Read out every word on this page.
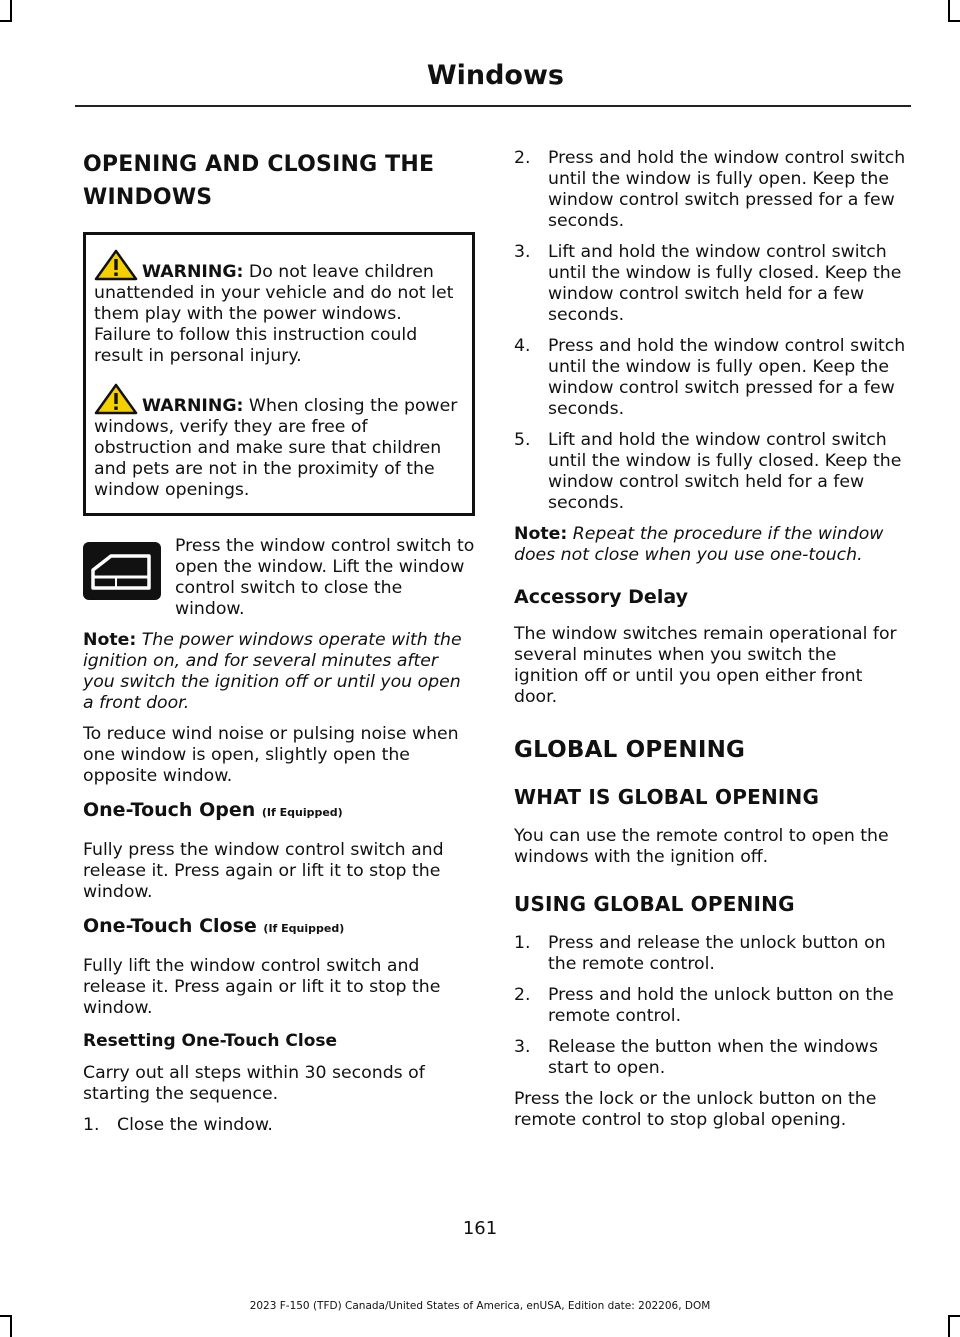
Windows
OPENING AND CLOSING THE WINDOWS
WARNING: Do not leave children unattended in your vehicle and do not let them play with the power windows. Failure to follow this instruction could result in personal injury.
WARNING: When closing the power windows, verify they are free of obstruction and make sure that children and pets are not in the proximity of the window openings.
Press the window control switch to open the window. Lift the window control switch to close the window.

Note: The power windows operate with the ignition on, and for several minutes after you switch the ignition off or until you open a front door.

To reduce wind noise or pulsing noise when one window is open, slightly open the opposite window.

One-Touch Open (If Equipped)

Fully press the window control switch and release it. Press again or lift it to stop the window.

One-Touch Close (If Equipped)

Fully lift the window control switch and release it. Press again or lift it to stop the window.

Resetting One-Touch Close

Carry out all steps within 30 seconds of starting the sequence.

1. Close the window.
2. Press and hold the window control switch until the window is fully open. Keep the window control switch pressed for a few seconds.
3. Lift and hold the window control switch until the window is fully closed. Keep the window control switch held for a few seconds.
4. Press and hold the window control switch until the window is fully open. Keep the window control switch pressed for a few seconds.
5. Lift and hold the window control switch until the window is fully closed. Keep the window control switch held for a few seconds.

Note: Repeat the procedure if the window does not close when you use one-touch.

Accessory Delay

The window switches remain operational for several minutes when you switch the ignition off or until you open either front door.

GLOBAL OPENING
WHAT IS GLOBAL OPENING

You can use the remote control to open the windows with the ignition off.

USING GLOBAL OPENING
1. Press and release the unlock button on the remote control.
2. Press and hold the unlock button on the remote control.
3. Release the button when the windows start to open.

Press the lock or the unlock button on the remote control to stop global opening.

161
2023 F-150 (TFD) Canada/United States of America, enUSA, Edition date: 202206, DOM
